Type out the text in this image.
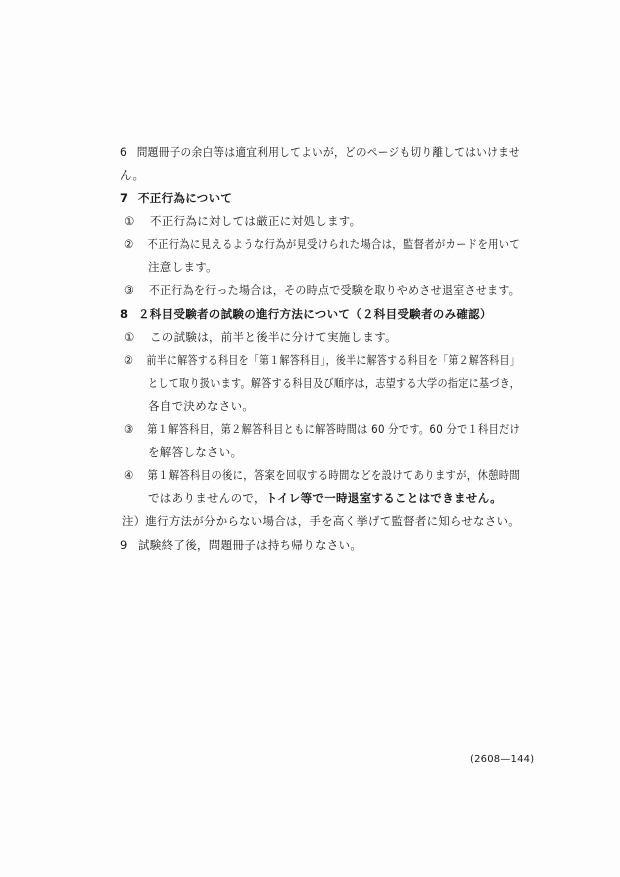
6 問題冊子の余白等は適宜利用してよいが，どのページも切り離してはいけませ
ん。
7 不正行為について
① 不正行為に対しては厳正に対処します。
② 不正行為に見えるような行為が見受けられた場合は，監督者がカードを用いて
注意します。
③ 不正行為を行った場合は，その時点で受験を取りやめさせ退室させます。
8 ２科目受験者の試験の進行方法について（２科目受験者のみ確認）
① この試験は，前半と後半に分けて実施します。
② 前半に解答する科目を「第１解答科目」，後半に解答する科目を「第２解答科目」
として取り扱います。解答する科目及び順序は，志望する大学の指定に基づき，
各自で決めなさい。
③ 第１解答科目，第２解答科目ともに解答時間は 60 分です。60 分で１科目だけ
を解答しなさい。
④ 第１解答科目の後に，答案を回収する時間などを設けてありますが，休憩時間
ではありませんので，トイレ等で一時退室することはできません。
注）進行方法が分からない場合は，手を高く挙げて監督者に知らせなさい。
9 試験終了後，問題冊子は持ち帰りなさい。
(2608—144)
